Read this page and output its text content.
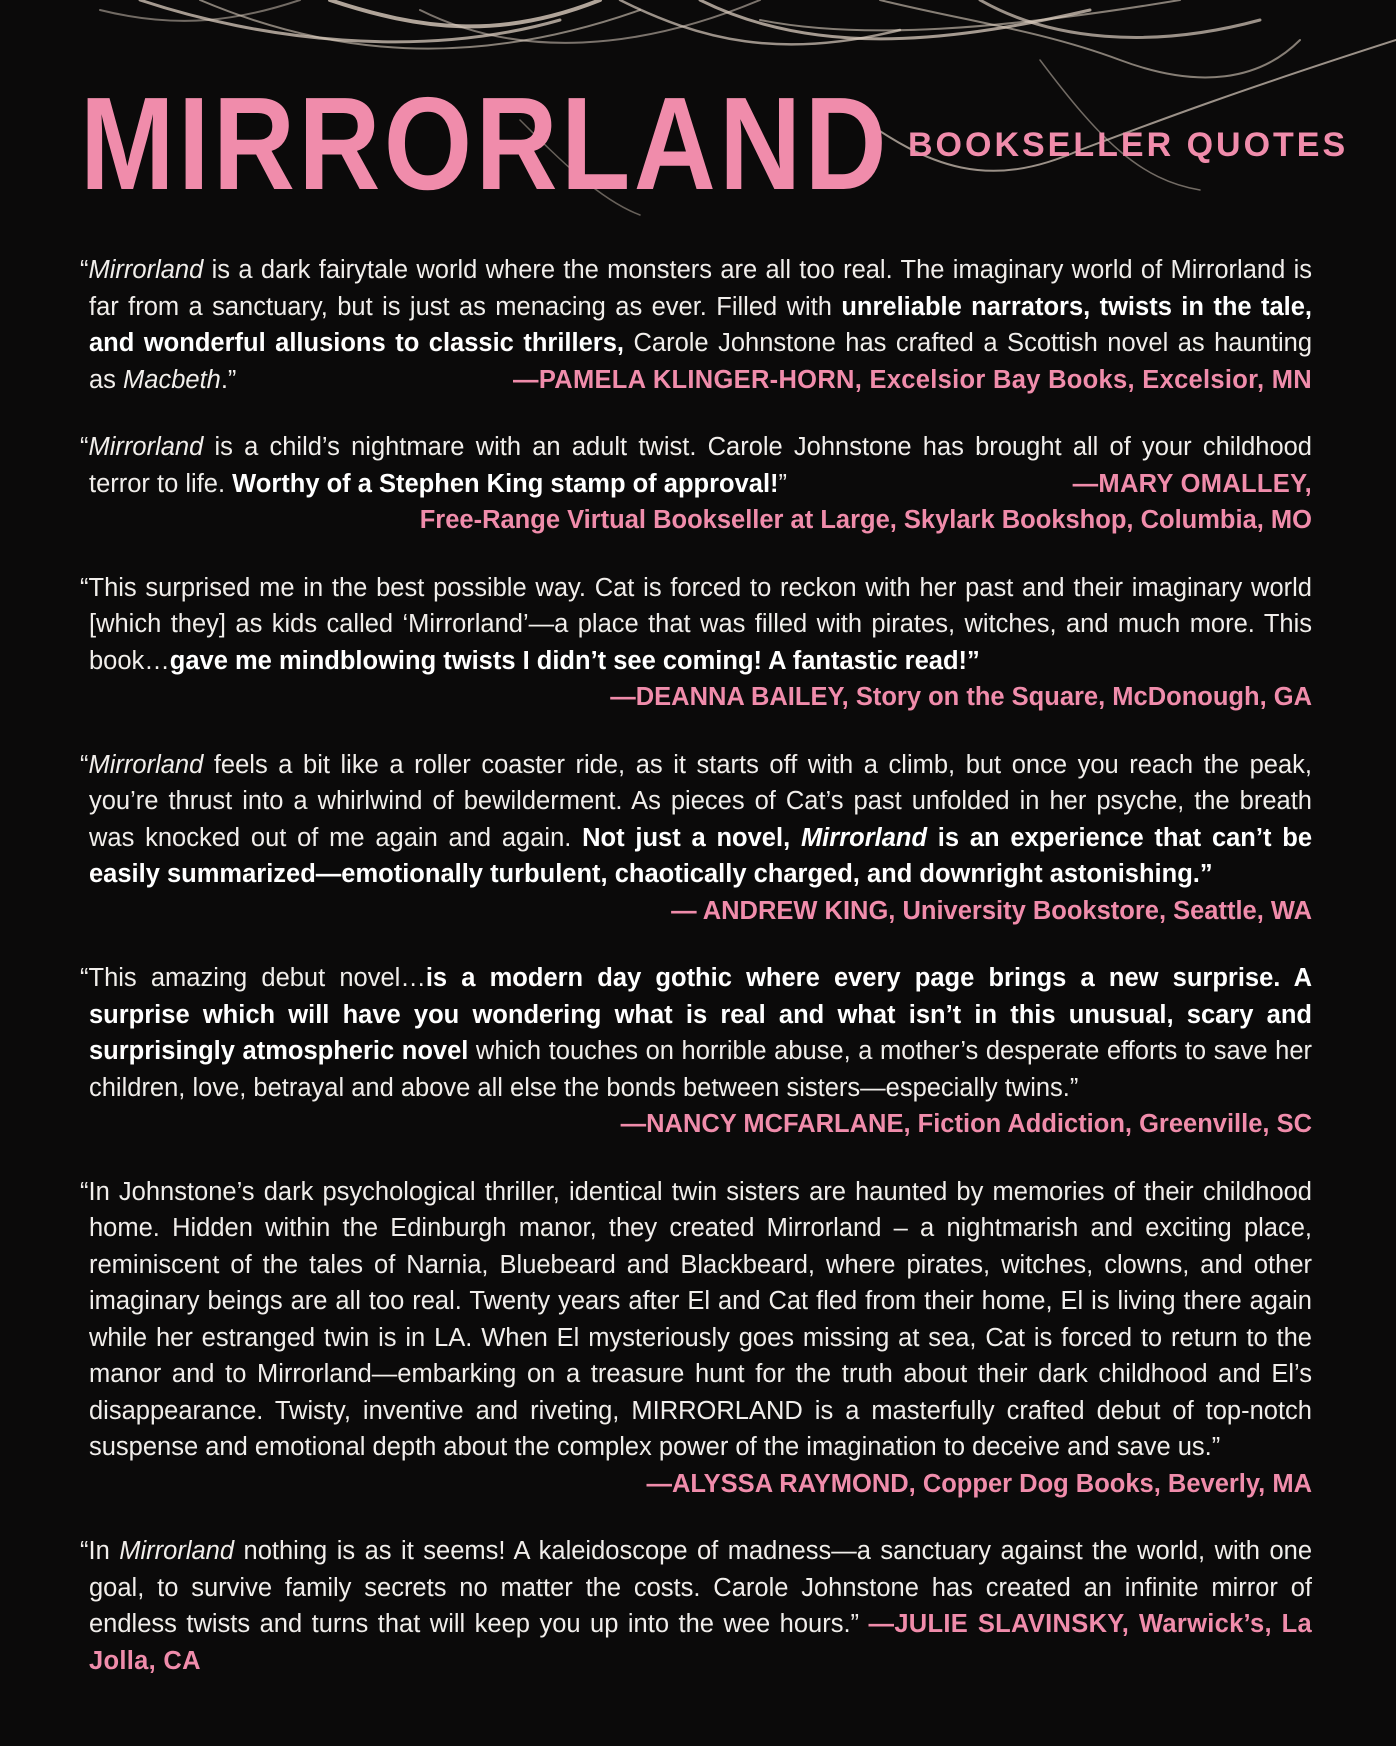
MIRRORLAND BOOKSELLER QUOTES
“Mirrorland is a dark fairytale world where the monsters are all too real. The imaginary world of Mirrorland is far from a sanctuary, but is just as menacing as ever. Filled with unreliable narrators, twists in the tale, and wonderful allusions to classic thrillers, Carole Johnstone has crafted a Scottish novel as haunting as Macbeth.”	—PAMELA KLINGER-HORN, Excelsior Bay Books, Excelsior, MN
“Mirrorland is a child’s nightmare with an adult twist. Carole Johnstone has brought all of your childhood terror to life. Worthy of a Stephen King stamp of approval!”	—MARY OMALLEY,
Free-Range Virtual Bookseller at Large, Skylark Bookshop, Columbia, MO
“This surprised me in the best possible way. Cat is forced to reckon with her past and their imaginary world [which they] as kids called ‘Mirrorland’—a place that was filled with pirates, witches, and much more. This book…gave me mindblowing twists I didn’t see coming! A fantastic read!”
—DEANNA BAILEY, Story on the Square, McDonough, GA
“Mirrorland feels a bit like a roller coaster ride, as it starts off with a climb, but once you reach the peak, you’re thrust into a whirlwind of bewilderment. As pieces of Cat’s past unfolded in her psyche, the breath was knocked out of me again and again. Not just a novel, Mirrorland is an experience that can’t be easily summarized—emotionally turbulent, chaotically charged, and downright astonishing.”
— ANDREW KING, University Bookstore, Seattle, WA
“This amazing debut novel…is a modern day gothic where every page brings a new surprise. A surprise which will have you wondering what is real and what isn’t in this unusual, scary and surprisingly atmospheric novel which touches on horrible abuse, a mother’s desperate efforts to save her children, love, betrayal and above all else the bonds between sisters—especially twins.”
—NANCY MCFARLANE, Fiction Addiction, Greenville, SC
“In Johnstone’s dark psychological thriller, identical twin sisters are haunted by memories of their childhood home. Hidden within the Edinburgh manor, they created Mirrorland – a nightmarish and exciting place, reminiscent of the tales of Narnia, Bluebeard and Blackbeard, where pirates, witches, clowns, and other imaginary beings are all too real. Twenty years after El and Cat fled from their home, El is living there again while her estranged twin is in LA. When El mysteriously goes missing at sea, Cat is forced to return to the manor and to Mirrorland—embarking on a treasure hunt for the truth about their dark childhood and El’s disappearance. Twisty, inventive and riveting, MIRRORLAND is a masterfully crafted debut of top-notch suspense and emotional depth about the complex power of the imagination to deceive and save us.”
—ALYSSA RAYMOND, Copper Dog Books, Beverly, MA
“In Mirrorland nothing is as it seems! A kaleidoscope of madness—a sanctuary against the world, with one goal, to survive family secrets no matter the costs. Carole Johnstone has created an infinite mirror of endless twists and turns that will keep you up into the wee hours.” —JULIE SLAVINSKY, Warwick’s, La Jolla, CA
